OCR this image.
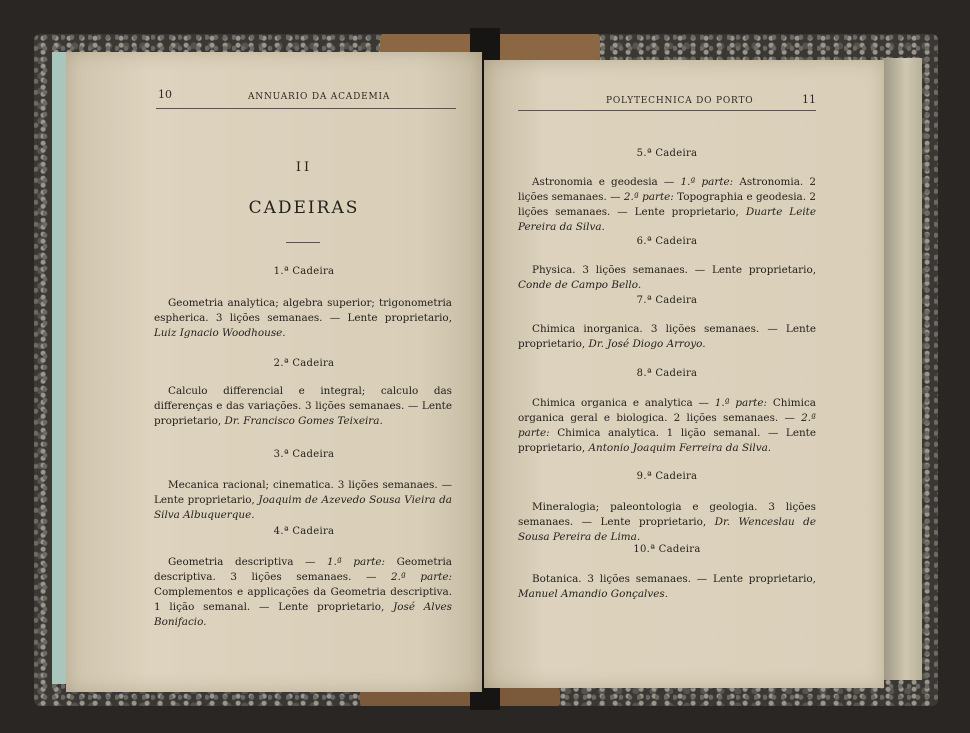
10	ANNUARIO DA ACADEMIA
II
CADEIRAS
1.ª Cadeira
Geometria analytica; algebra superior; trigonometria espherica. 3 lições semanaes. — Lente proprietario, Luiz Ignacio Woodhouse.
2.ª Cadeira
Calculo differencial e integral; calculo das differenças e das variações. 3 lições semanaes. — Lente proprietario, Dr. Francisco Gomes Teixeira.
3.ª Cadeira
Mecanica racional; cinematica. 3 lições semanaes. — Lente proprietario, Joaquim de Azevedo Sousa Vieira da Silva Albuquerque.
4.ª Cadeira
Geometria descriptiva — 1.ª parte: Geometria descriptiva. 3 lições semanaes. — 2.ª parte: Complementos e applicações da Geometria descriptiva. 1 lição semanal. — Lente proprietario, José Alves Bonifacio.
POLYTECHNICA DO PORTO	11
5.ª Cadeira
Astronomia e geodesia — 1.ª parte: Astronomia. 2 lições semanaes. — 2.ª parte: Topographia e geodesia. 2 lições semanaes. — Lente proprietario, Duarte Leite Pereira da Silva.
6.ª Cadeira
Physica. 3 lições semanaes. — Lente proprietario, Conde de Campo Bello.
7.ª Cadeira
Chimica inorganica. 3 lições semanaes. — Lente proprietario, Dr. José Diogo Arroyo.
8.ª Cadeira
Chimica organica e analytica — 1.ª parte: Chimica organica geral e biologica. 2 lições semanaes. — 2.ª parte: Chimica analytica. 1 lição semanal. — Lente proprietario, Antonio Joaquim Ferreira da Silva.
9.ª Cadeira
Mineralogia; paleontologia e geologia. 3 lições semanaes. — Lente proprietario, Dr. Wenceslau de Sousa Pereira de Lima.
10.ª Cadeira
Botanica. 3 lições semanaes. — Lente proprietario, Manuel Amandio Gonçalves.
